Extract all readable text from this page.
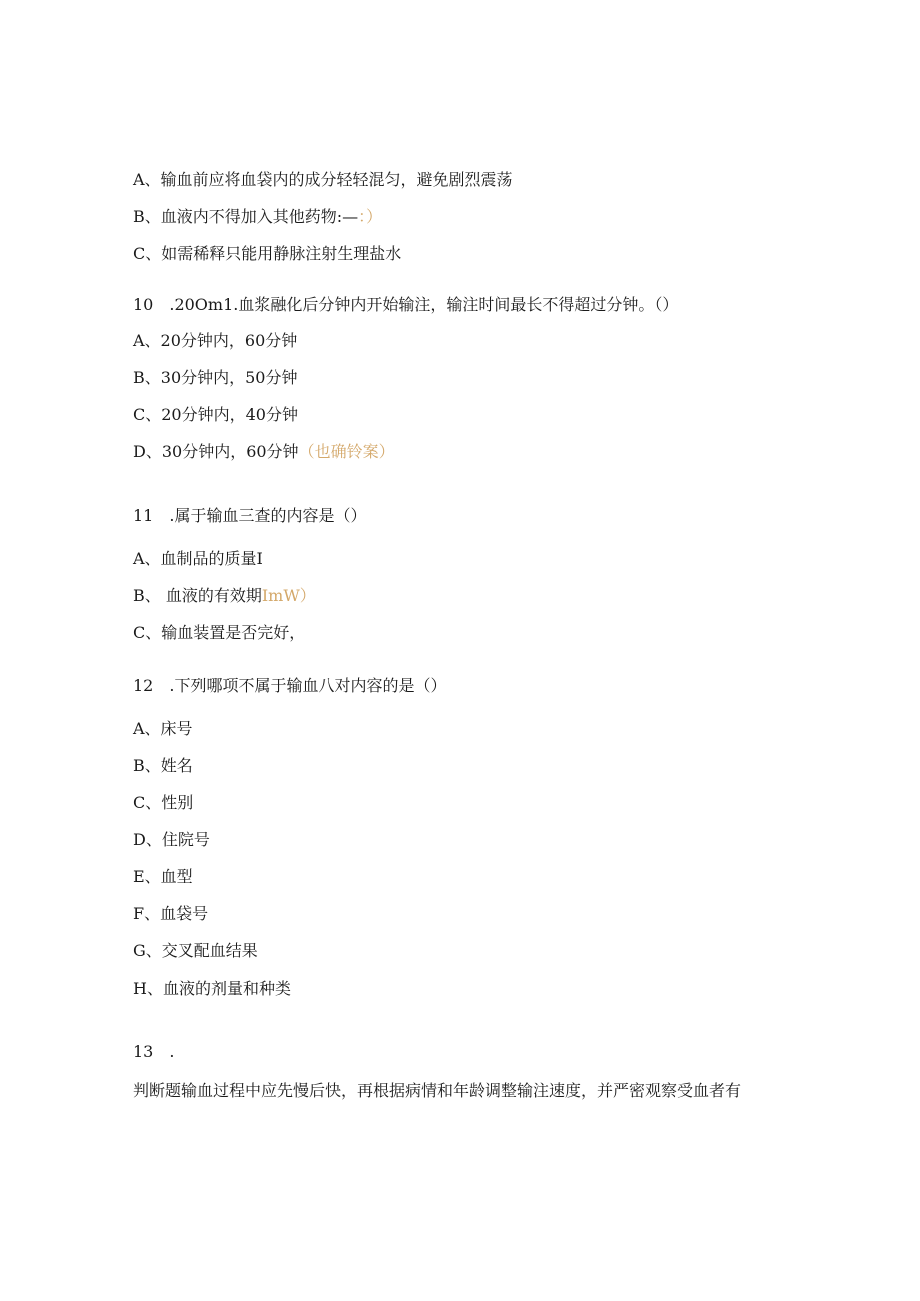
A、输血前应将血袋内的成分轻轻混匀，避免剧烈震荡
B、血液内不得加入其他药物:—：）
C、如需稀释只能用静脉注射生理盐水
10　.20Om1.血浆融化后分钟内开始输注，输注时间最长不得超过分钟。（）
A、20分钟内，60分钟
B、30分钟内，50分钟
C、20分钟内，40分钟
D、30分钟内，60分钟（也确铃案）
11　.属于输血三查的内容是（）
A、血制品的质量I
B、 血液的有效期ImW）
C、输血装置是否完好，
12　.下列哪项不属于输血八对内容的是（）
A、床号
B、姓名
C、性别
D、住院号
E、血型
F、血袋号
G、交叉配血结果
H、血液的剂量和种类
13　.
判断题输血过程中应先慢后快，再根据病情和年龄调整输注速度，并严密观察受血者有
